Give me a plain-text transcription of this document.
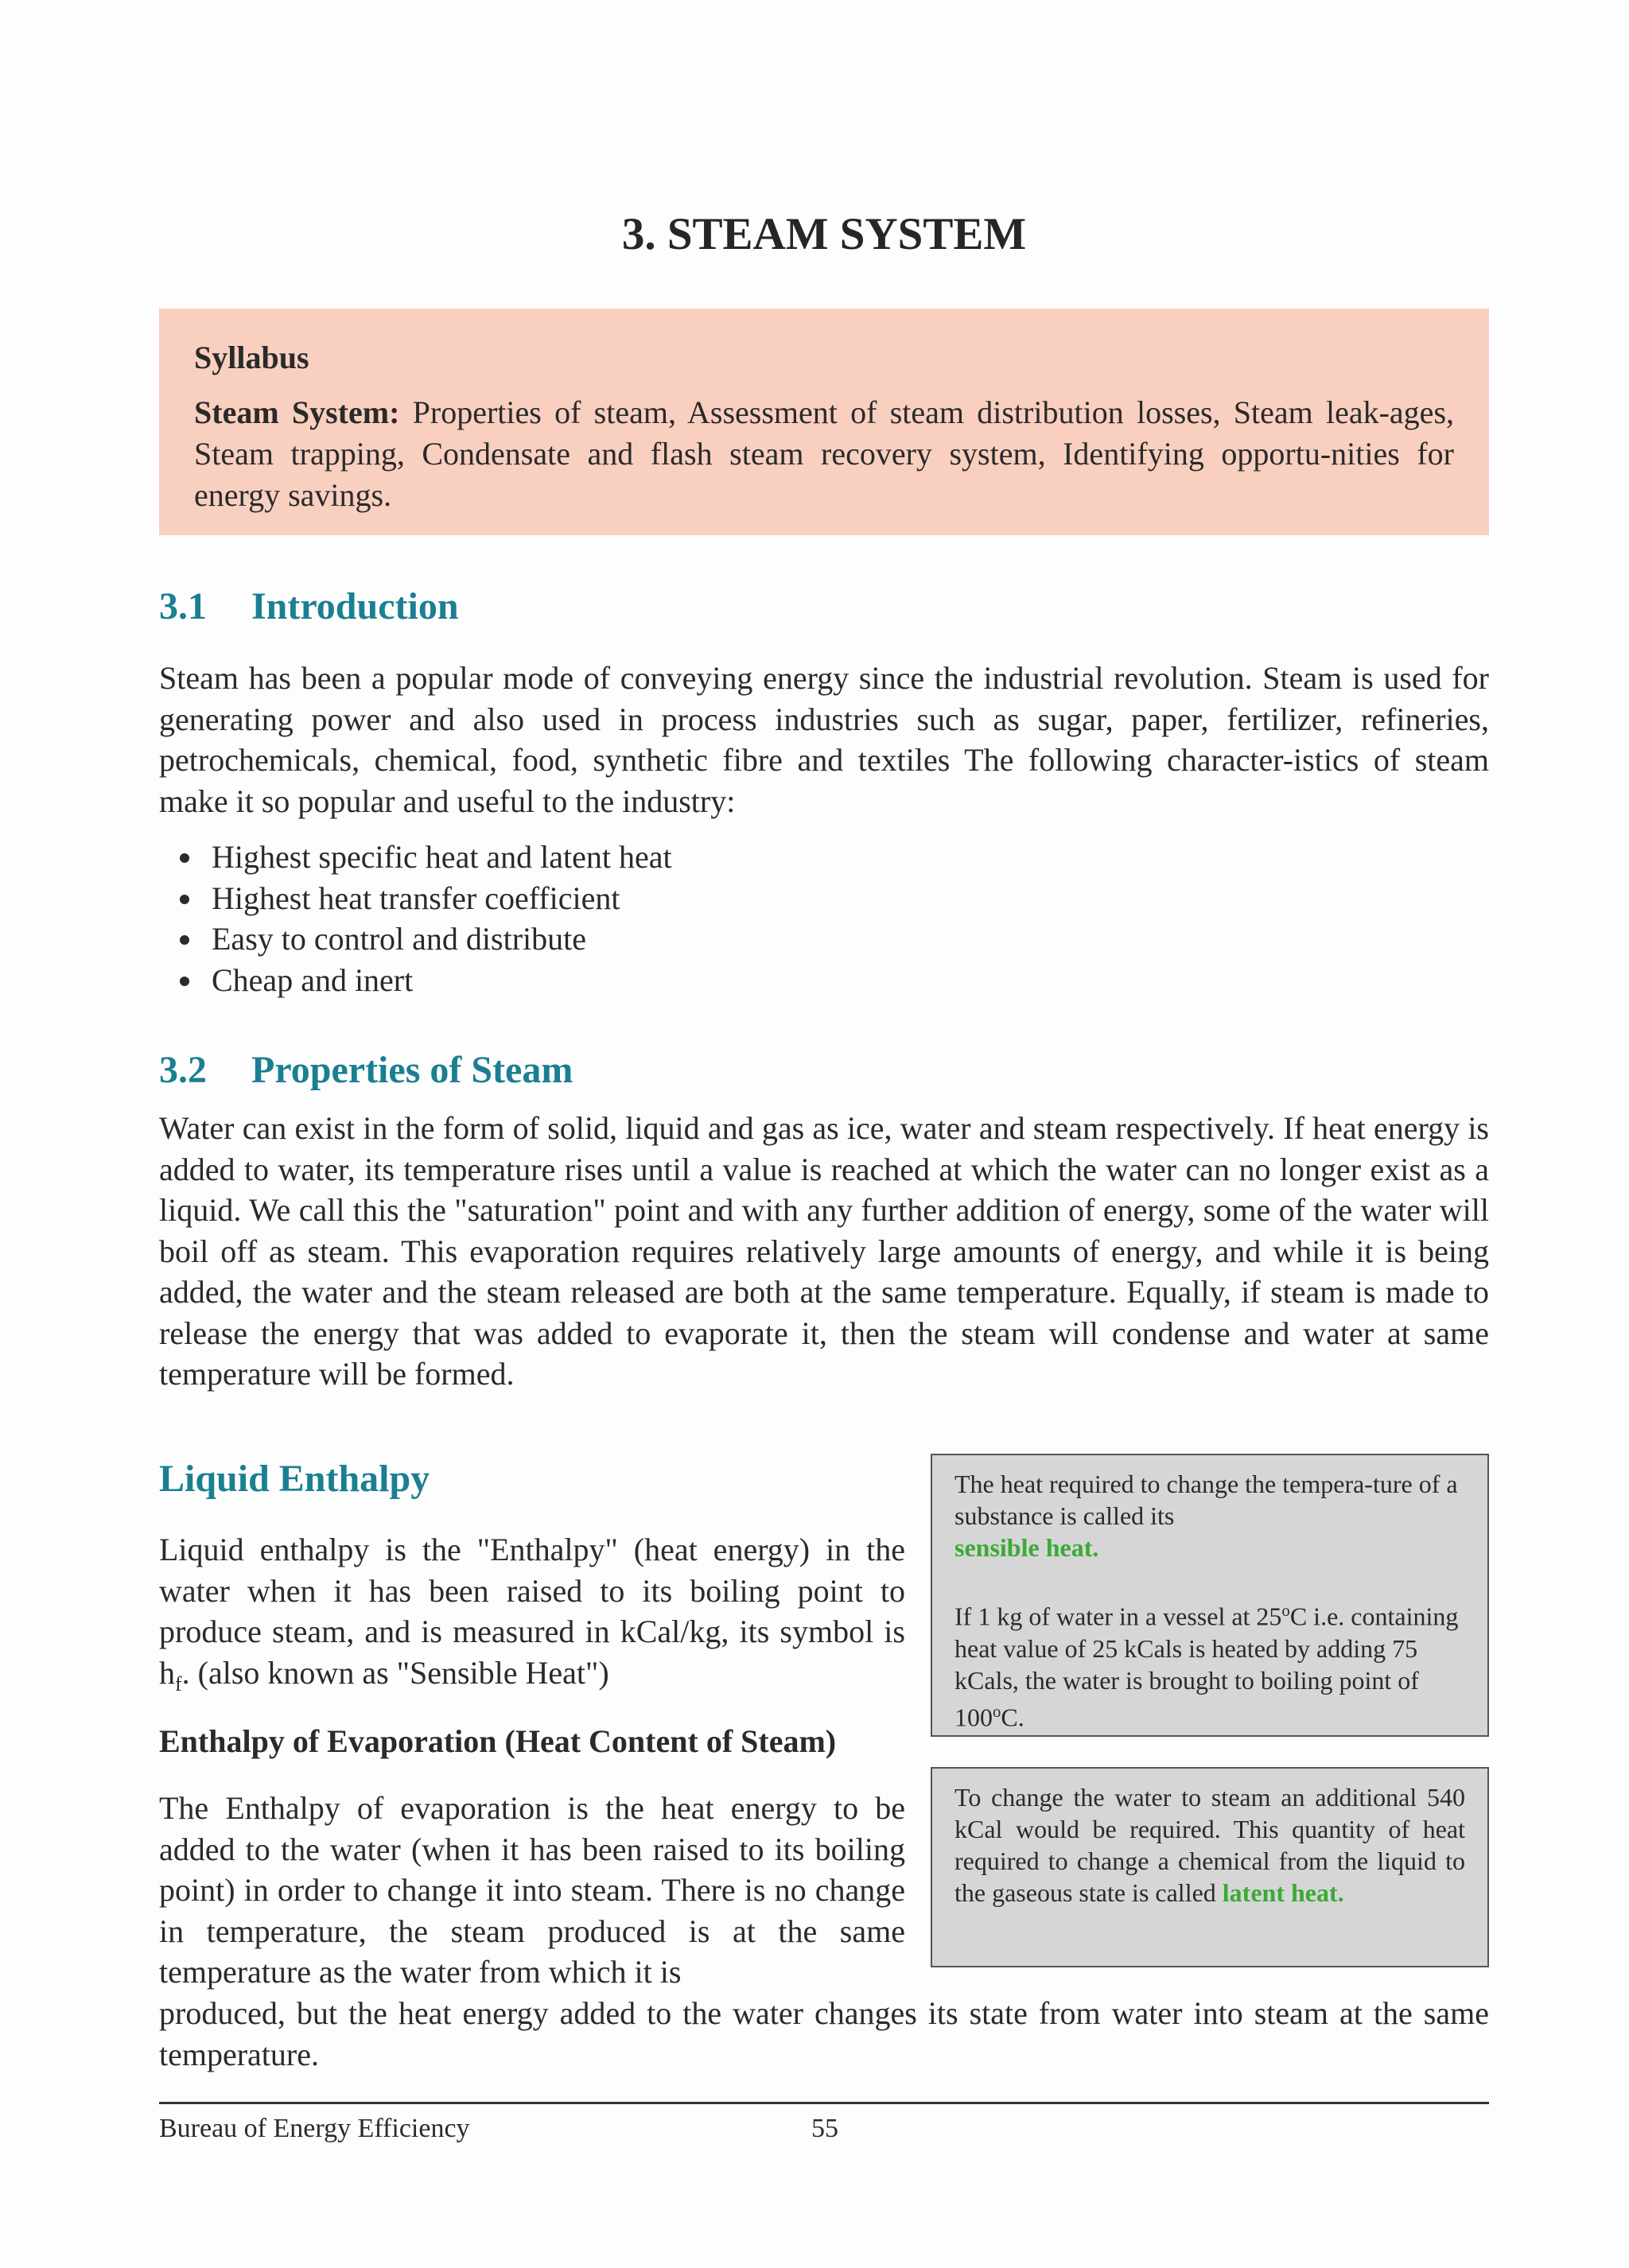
3. STEAM SYSTEM

Syllabus

Steam System: Properties of steam, Assessment of steam distribution losses, Steam leak-ages, Steam trapping, Condensate and flash steam recovery system, Identifying opportu-nities for energy savings.

3.1 Introduction

Steam has been a popular mode of conveying energy since the industrial revolution. Steam is used for generating power and also used in process industries such as sugar, paper, fertilizer, refineries, petrochemicals, chemical, food, synthetic fibre and textiles The following character-istics of steam make it so popular and useful to the industry:

Highest specific heat and latent heat
Highest heat transfer coefficient
Easy to control and distribute
Cheap and inert
3.2 Properties of Steam

Water can exist in the form of solid, liquid and gas as ice, water and steam respectively. If heat energy is added to water, its temperature rises until a value is reached at which the water can no longer exist as a liquid. We call this the "saturation" point and with any further addition of energy, some of the water will boil off as steam. This evaporation requires relatively large amounts of energy, and while it is being added, the water and the steam released are both at the same temperature. Equally, if steam is made to release the energy that was added to evaporate it, then the steam will condense and water at same temperature will be formed.

Liquid Enthalpy

Liquid enthalpy is the "Enthalpy" (heat energy) in the water when it has been raised to its boiling point to produce steam, and is measured in kCal/kg, its symbol is $h_f$. (also known as "Sensible Heat")

Enthalpy of Evaporation (Heat Content of Steam)

The Enthalpy of evaporation is the heat energy to be added to the water (when it has been raised to its boiling point) in order to change it into steam. There is no change in temperature, the steam produced is at the same temperature as the water from which it is

produced, but the heat energy added to the water changes its state from water into steam at the same temperature.

The heat required to change the tempera-ture of a substance is called its
sensible heat.

If 1 kg of water in a vessel at 25$^o$C i.e. containing heat value of 25 kCals is heated by adding 75 kCals, the water is brought to boiling point of 100$^o$C.

To change the water to steam an additional 540 kCal would be required. This quantity of heat required to change a chemical from the liquid to the gaseous state is called latent heat.

Bureau of Energy Efficiency	55
